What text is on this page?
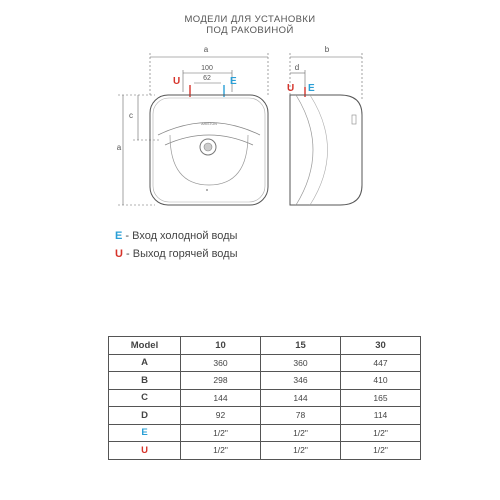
МОДЕЛИ ДЛЯ УСТАНОВКИ
ПОД РАКОВИНОЙ
a
100
62
U	E
c
a
ARISTON
b
d
U E
E - Вход холодной воды
U - Выход горячей воды
Model	10	15	30
A	360	360	447
B	298	346	410
C	144	144	165
D	92	78	114
E	1/2"	1/2"	1/2"
U	1/2"	1/2"	1/2"
